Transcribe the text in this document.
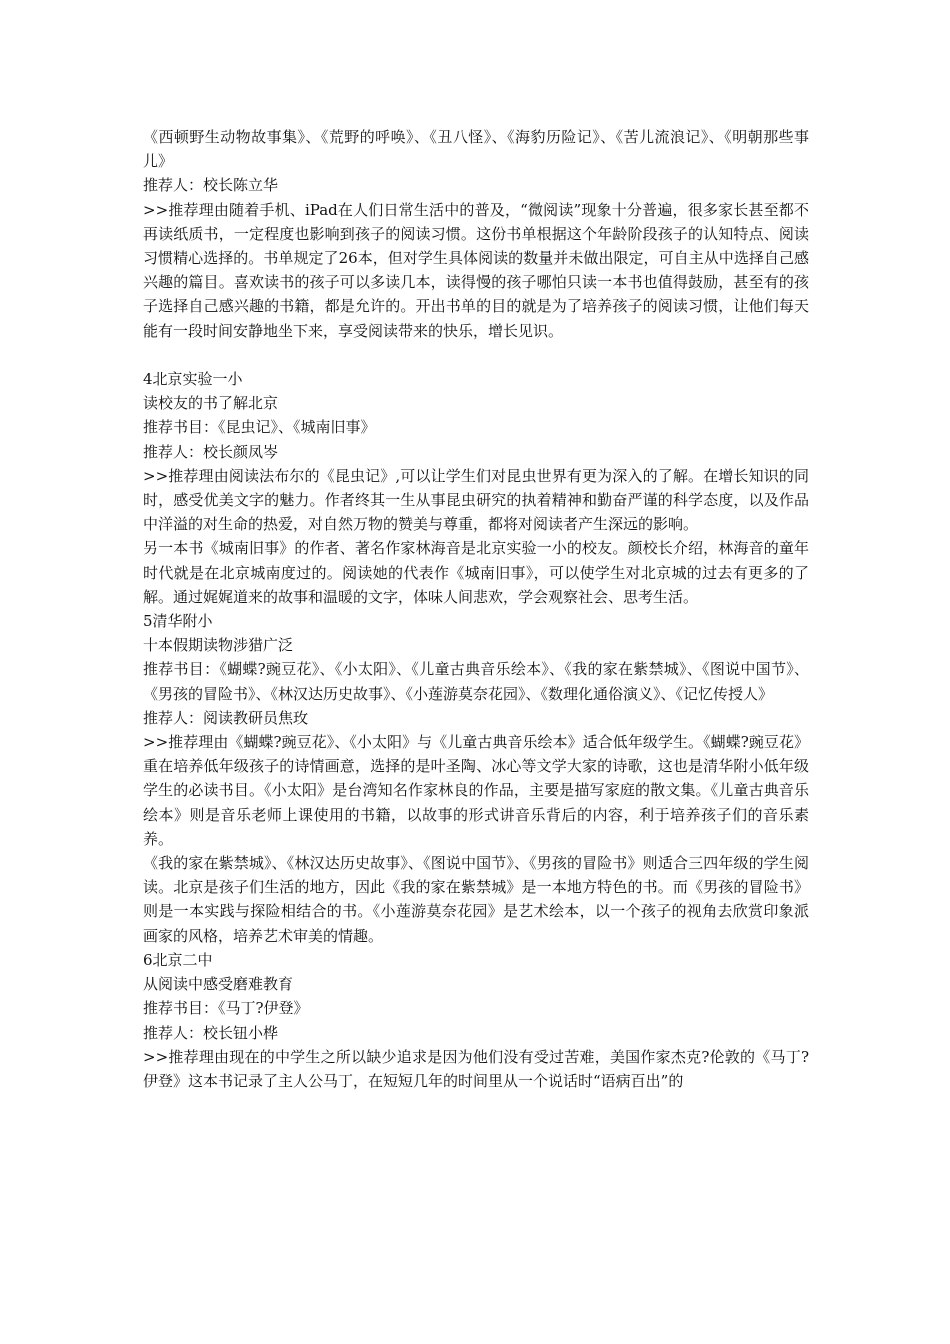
《西顿野生动物故事集》、《荒野的呼唤》、《丑八怪》、《海豹历险记》、《苦儿流浪记》、《明朝那些事儿》

推荐人：校长陈立华

>>推荐理由随着手机、iPad在人们日常生活中的普及，“微阅读”现象十分普遍，很多家长甚至都不再读纸质书，一定程度也影响到孩子的阅读习惯。这份书单根据这个年龄阶段孩子的认知特点、阅读习惯精心选择的。书单规定了26本，但对学生具体阅读的数量并未做出限定，可自主从中选择自己感兴趣的篇目。喜欢读书的孩子可以多读几本，读得慢的孩子哪怕只读一本书也值得鼓励，甚至有的孩子选择自己感兴趣的书籍，都是允许的。开出书单的目的就是为了培养孩子的阅读习惯，让他们每天能有一段时间安静地坐下来，享受阅读带来的快乐，增长见识。

4北京实验一小

读校友的书了解北京

推荐书目：《昆虫记》、《城南旧事》

推荐人：校长颜凤岑

>>推荐理由阅读法布尔的《昆虫记》,可以让学生们对昆虫世界有更为深入的了解。在增长知识的同时，感受优美文字的魅力。作者终其一生从事昆虫研究的执着精神和勤奋严谨的科学态度，以及作品中洋溢的对生命的热爱，对自然万物的赞美与尊重，都将对阅读者产生深远的影响。

另一本书《城南旧事》的作者、著名作家林海音是北京实验一小的校友。颜校长介绍，林海音的童年时代就是在北京城南度过的。阅读她的代表作《城南旧事》，可以使学生对北京城的过去有更多的了解。通过娓娓道来的故事和温暖的文字，体味人间悲欢，学会观察社会、思考生活。

5清华附小

十本假期读物涉猎广泛

推荐书目：《蝴蝶?豌豆花》、《小太阳》、《儿童古典音乐绘本》、《我的家在紫禁城》、《图说中国节》、《男孩的冒险书》、《林汉达历史故事》、《小莲游莫奈花园》、《数理化通俗演义》、《记忆传授人》

推荐人：阅读教研员焦玫

>>推荐理由《蝴蝶?豌豆花》、《小太阳》与《儿童古典音乐绘本》适合低年级学生。《蝴蝶?豌豆花》重在培养低年级孩子的诗情画意，选择的是叶圣陶、冰心等文学大家的诗歌，这也是清华附小低年级学生的必读书目。《小太阳》是台湾知名作家林良的作品，主要是描写家庭的散文集。《儿童古典音乐绘本》则是音乐老师上课使用的书籍，以故事的形式讲音乐背后的内容，利于培养孩子们的音乐素养。

《我的家在紫禁城》、《林汉达历史故事》、《图说中国节》、《男孩的冒险书》则适合三四年级的学生阅读。北京是孩子们生活的地方，因此《我的家在紫禁城》是一本地方特色的书。而《男孩的冒险书》则是一本实践与探险相结合的书。《小莲游莫奈花园》是艺术绘本，以一个孩子的视角去欣赏印象派画家的风格，培养艺术审美的情趣。

6北京二中

从阅读中感受磨难教育

推荐书目：《马丁?伊登》

推荐人：校长钮小桦

>>推荐理由现在的中学生之所以缺少追求是因为他们没有受过苦难，美国作家杰克?伦敦的《马丁?伊登》这本书记录了主人公马丁，在短短几年的时间里从一个说话时“语病百出”的
